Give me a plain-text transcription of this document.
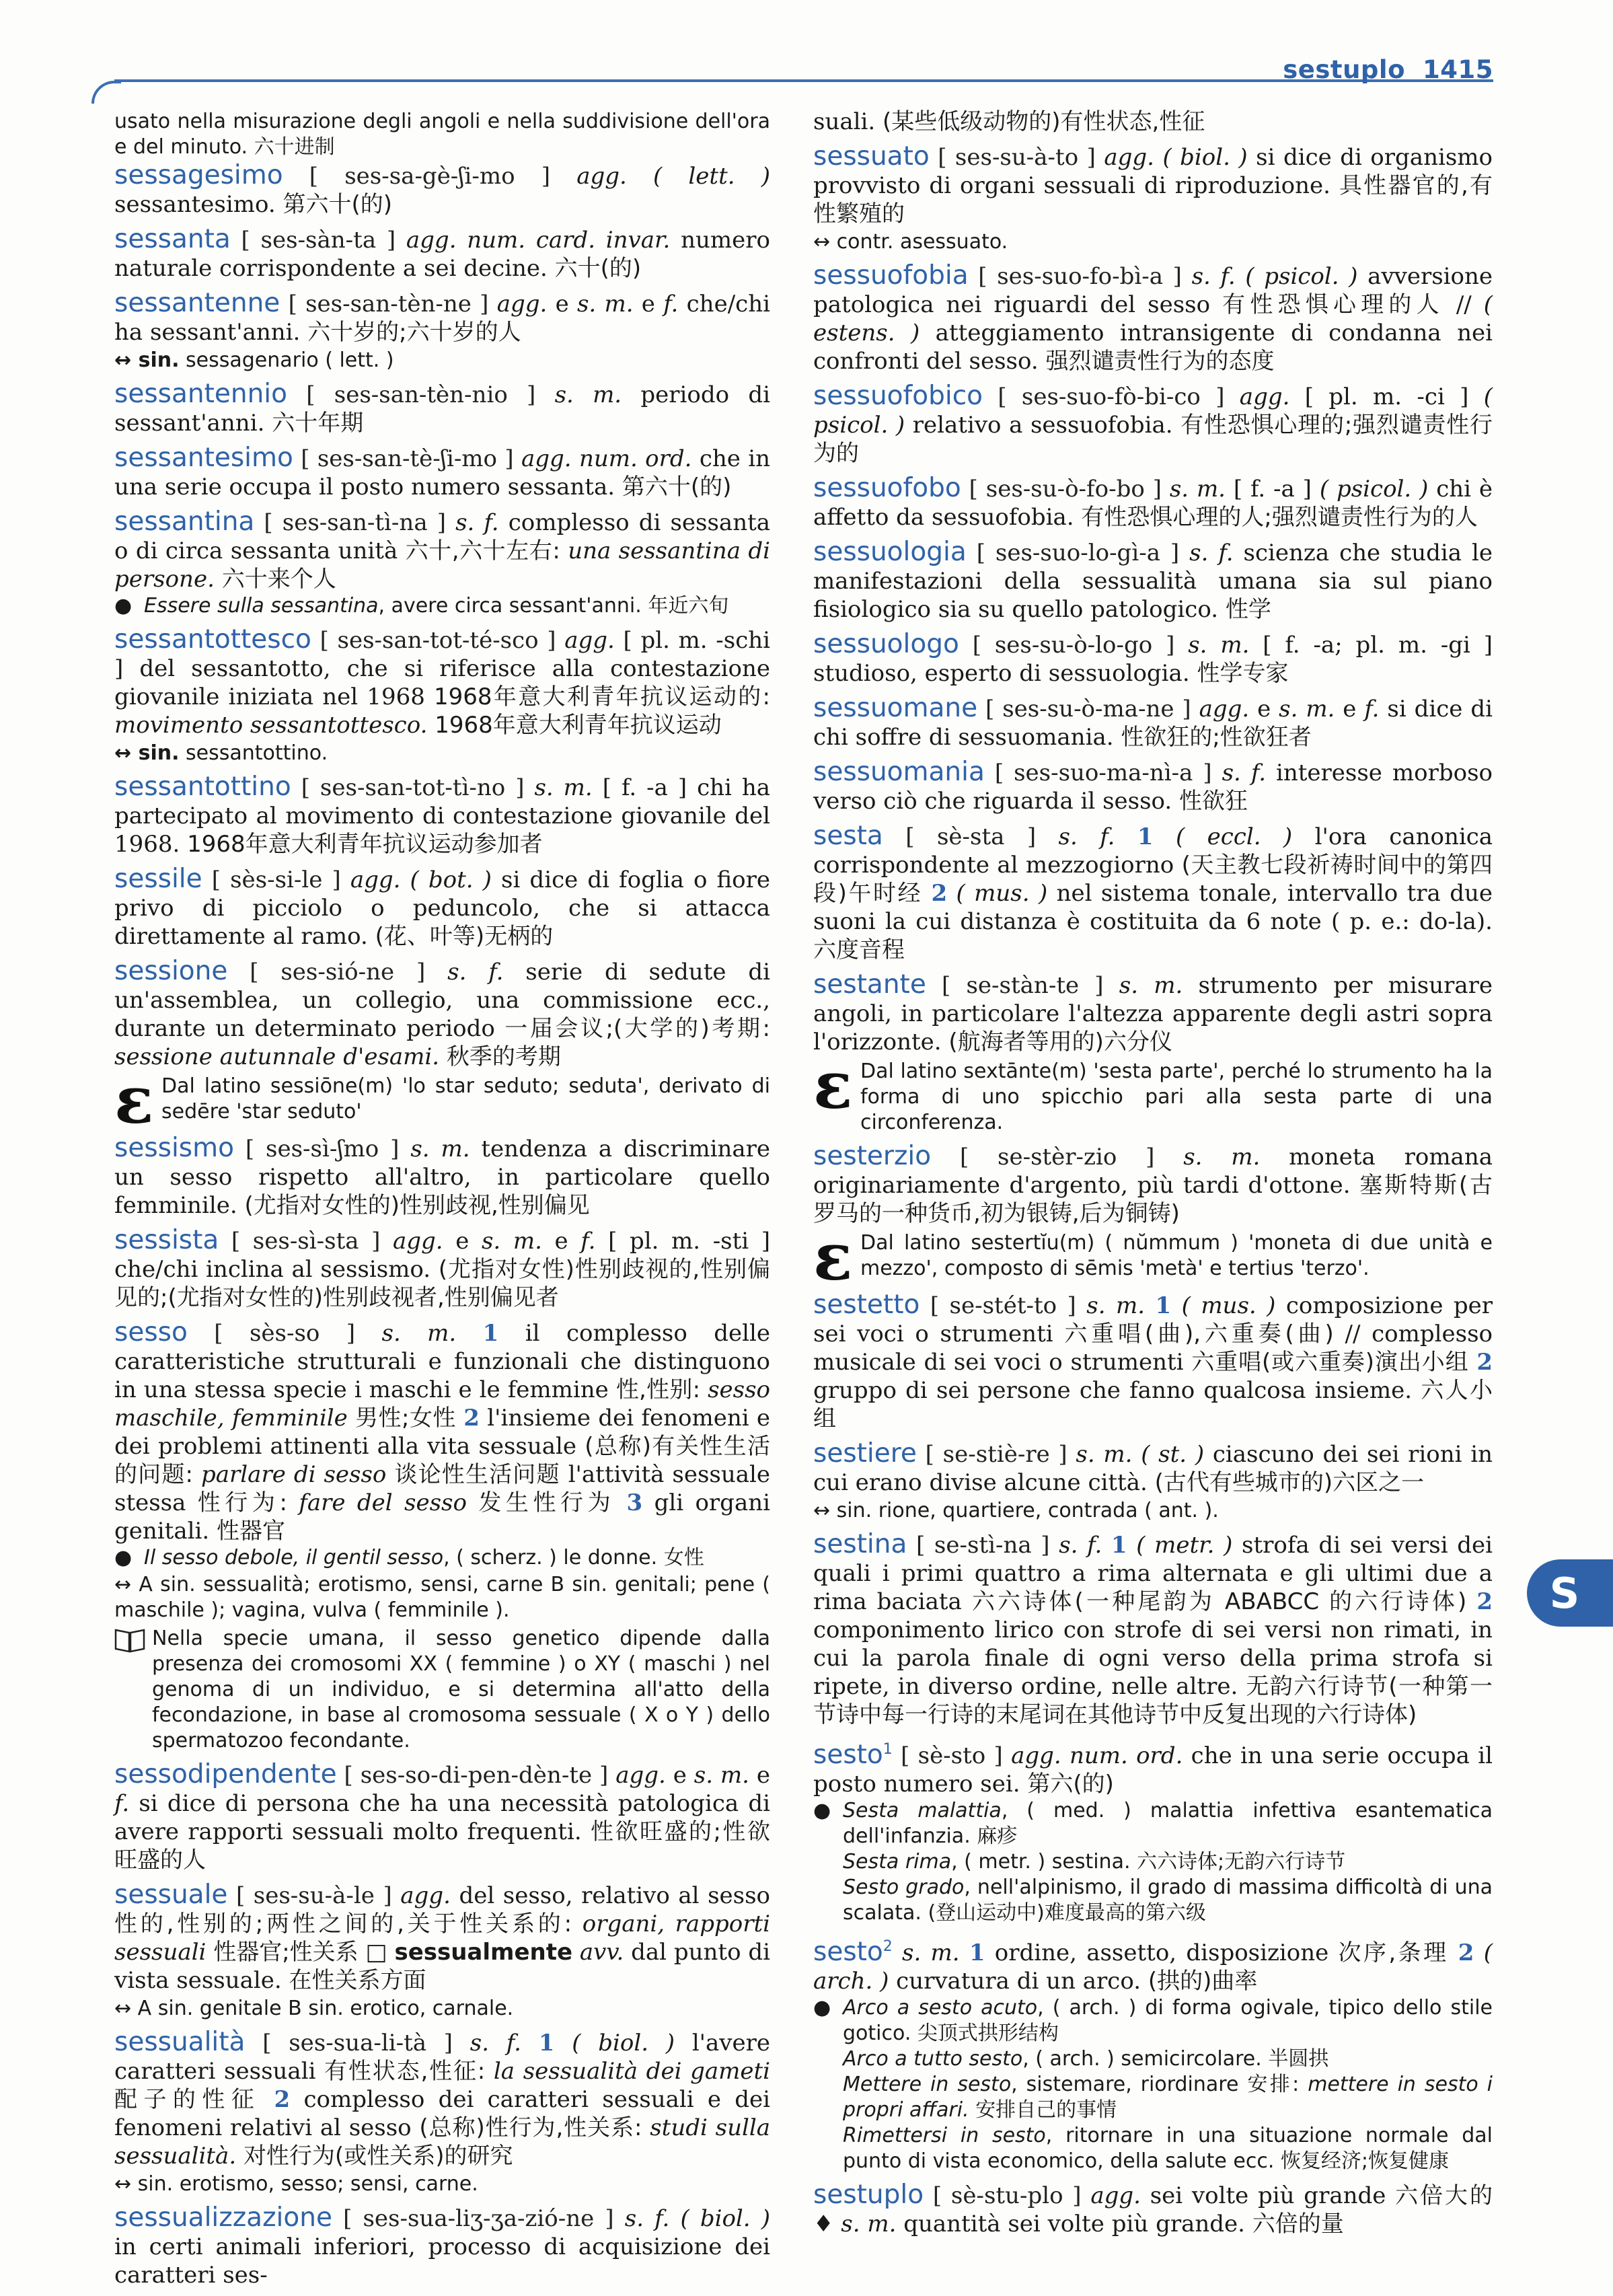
sestuplo 1415
S
usato nella misurazione degli angoli e nella suddivisione dell'ora e del minuto. 六十进制
sessagesimo [ ses-sa-gè-ʃi-mo ] agg. ( lett. ) sessantesimo. 第六十(的)
sessanta [ ses-sàn-ta ] agg. num. card. invar. numero naturale corrispondente a sei decine. 六十(的)
sessantenne [ ses-san-tèn-ne ] agg. e s. m. e f. che/chi ha sessant'anni. 六十岁的;六十岁的人
↔ sin. sessagenario ( lett. )
sessantennio [ ses-san-tèn-nio ] s. m. periodo di sessant'anni. 六十年期
sessantesimo [ ses-san-tè-ʃi-mo ] agg. num. ord. che in una serie occupa il posto numero sessanta. 第六十(的)
sessantina [ ses-san-tì-na ] s. f. complesso di sessanta o di circa sessanta unità 六十,六十左右: una sessantina di persone. 六十来个人
● Essere sulla sessantina, avere circa sessant'anni. 年近六旬
sessantottesco [ ses-san-tot-té-sco ] agg. [ pl. m. -schi ] del sessantotto, che si riferisce alla contestazione giovanile iniziata nel 1968 1968年意大利青年抗议运动的: movimento sessantottesco. 1968年意大利青年抗议运动
↔ sin. sessantottino.
sessantottino [ ses-san-tot-tì-no ] s. m. [ f. -a ] chi ha partecipato al movimento di contestazione giovanile del 1968. 1968年意大利青年抗议运动参加者
sessile [ sès-si-le ] agg. ( bot. ) si dice di foglia o fiore privo di picciolo o peduncolo, che si attacca direttamente al ramo. (花、叶等)无柄的
sessione [ ses-sió-ne ] s. f. serie di sedute di un'assemblea, un collegio, una commissione ecc., durante un determinato periodo 一届会议;(大学的)考期: sessione autunnale d'esami. 秋季的考期
ɛ Dal latino sessiōne(m) 'lo star seduto; seduta', derivato di sedēre 'star seduto'
sessismo [ ses-sì-ʃmo ] s. m. tendenza a discriminare un sesso rispetto all'altro, in particolare quello femminile. (尤指对女性的)性别歧视,性别偏见
sessista [ ses-sì-sta ] agg. e s. m. e f. [ pl. m. -sti ] che/chi inclina al sessismo. (尤指对女性)性别歧视的,性别偏见的;(尤指对女性的)性别歧视者,性别偏见者
sesso [ sès-so ] s. m. 1 il complesso delle caratteristiche strutturali e funzionali che distinguono in una stessa specie i maschi e le femmine 性,性别: sesso maschile, femminile 男性;女性 2 l'insieme dei fenomeni e dei problemi attinenti alla vita sessuale (总称)有关性生活的问题: parlare di sesso 谈论性生活问题 l'attività sessuale stessa 性行为: fare del sesso 发生性行为 3 gli organi genitali. 性器官
● Il sesso debole, il gentil sesso, ( scherz. ) le donne. 女性
↔ A sin. sessualità; erotismo, sensi, carne B sin. genitali; pene ( maschile ); vagina, vulva ( femminile ).
Nella specie umana, il sesso genetico dipende dalla presenza dei cromosomi XX ( femmine ) o XY ( maschi ) nel genoma di un individuo, e si determina all'atto della fecondazione, in base al cromosoma sessuale ( X o Y ) dello spermatozoo fecondante.
sessodipendente [ ses-so-di-pen-dèn-te ] agg. e s. m. e f. si dice di persona che ha una necessità patologica di avere rapporti sessuali molto frequenti. 性欲旺盛的;性欲旺盛的人
sessuale [ ses-su-à-le ] agg. del sesso, relativo al sesso 性的,性别的;两性之间的,关于性关系的: organi, rapporti sessuali 性器官;性关系 □ sessualmente avv. dal punto di vista sessuale. 在性关系方面
↔ A sin. genitale B sin. erotico, carnale.
sessualità [ ses-sua-li-tà ] s. f. 1 ( biol. ) l'avere caratteri sessuali 有性状态,性征: la sessualità dei gameti 配子的性征 2 complesso dei caratteri sessuali e dei fenomeni relativi al sesso (总称)性行为,性关系: studi sulla sessualità. 对性行为(或性关系)的研究
↔ sin. erotismo, sesso; sensi, carne.
sessualizzazione [ ses-sua-liʒ-ʒa-zió-ne ] s. f. ( biol. ) in certi animali inferiori, processo di acquisizione dei caratteri ses-
suali. (某些低级动物的)有性状态,性征
sessuato [ ses-su-à-to ] agg. ( biol. ) si dice di organismo provvisto di organi sessuali di riproduzione. 具性器官的,有性繁殖的
↔ contr. asessuato.
sessuofobia [ ses-suo-fo-bì-a ] s. f. ( psicol. ) avversione patologica nei riguardi del sesso 有性恐惧心理的人 // ( estens. ) atteggiamento intransigente di condanna nei confronti del sesso. 强烈谴责性行为的态度
sessuofobico [ ses-suo-fò-bi-co ] agg. [ pl. m. -ci ] ( psicol. ) relativo a sessuofobia. 有性恐惧心理的;强烈谴责性行为的
sessuofobo [ ses-su-ò-fo-bo ] s. m. [ f. -a ] ( psicol. ) chi è affetto da sessuofobia. 有性恐惧心理的人;强烈谴责性行为的人
sessuologia [ ses-suo-lo-gì-a ] s. f. scienza che studia le manifestazioni della sessualità umana sia sul piano fisiologico sia su quello patologico. 性学
sessuologo [ ses-su-ò-lo-go ] s. m. [ f. -a; pl. m. -gi ] studioso, esperto di sessuologia. 性学专家
sessuomane [ ses-su-ò-ma-ne ] agg. e s. m. e f. si dice di chi soffre di sessuomania. 性欲狂的;性欲狂者
sessuomania [ ses-suo-ma-nì-a ] s. f. interesse morboso verso ciò che riguarda il sesso. 性欲狂
sesta [ sè-sta ] s. f. 1 ( eccl. ) l'ora canonica corrispondente al mezzogiorno (天主教七段祈祷时间中的第四段)午时经 2 ( mus. ) nel sistema tonale, intervallo tra due suoni la cui distanza è costituita da 6 note ( p. e.: do-la). 六度音程
sestante [ se-stàn-te ] s. m. strumento per misurare angoli, in particolare l'altezza apparente degli astri sopra l'orizzonte. (航海者等用的)六分仪
ɛ Dal latino sextānte(m) 'sesta parte', perché lo strumento ha la forma di uno spicchio pari alla sesta parte di una circonferenza.
sesterzio [ se-stèr-zio ] s. m. moneta romana originariamente d'argento, più tardi d'ottone. 塞斯特斯(古罗马的一种货币,初为银铸,后为铜铸)
ɛ Dal latino sestertĭu(m) ( nŭmmum ) 'moneta di due unità e mezzo', composto di sēmis 'metà' e tertius 'terzo'.
sestetto [ se-stét-to ] s. m. 1 ( mus. ) composizione per sei voci o strumenti 六重唱(曲),六重奏(曲) // complesso musicale di sei voci o strumenti 六重唱(或六重奏)演出小组 2 gruppo di sei persone che fanno qualcosa insieme. 六人小组
sestiere [ se-stiè-re ] s. m. ( st. ) ciascuno dei sei rioni in cui erano divise alcune città. (古代有些城市的)六区之一
↔ sin. rione, quartiere, contrada ( ant. ).
sestina [ se-stì-na ] s. f. 1 ( metr. ) strofa di sei versi dei quali i primi quattro a rima alternata e gli ultimi due a rima baciata 六六诗体(一种尾韵为 ABABCC 的六行诗体) 2 componimento lirico con strofe di sei versi non rimati, in cui la parola finale di ogni verso della prima strofa si ripete, in diverso ordine, nelle altre. 无韵六行诗节(一种第一节诗中每一行诗的末尾词在其他诗节中反复出现的六行诗体)
sesto$^1$ [ sè-sto ] agg. num. ord. che in una serie occupa il posto numero sei. 第六(的)
● Sesta malattia, ( med. ) malattia infettiva esantematica dell'infanzia. 麻疹
Sesta rima, ( metr. ) sestina. 六六诗体;无韵六行诗节
Sesto grado, nell'alpinismo, il grado di massima difficoltà di una scalata. (登山运动中)难度最高的第六级
sesto$^2$ s. m. 1 ordine, assetto, disposizione 次序,条理 2 ( arch. ) curvatura di un arco. (拱的)曲率
● Arco a sesto acuto, ( arch. ) di forma ogivale, tipico dello stile gotico. 尖顶式拱形结构
Arco a tutto sesto, ( arch. ) semicircolare. 半圆拱
Mettere in sesto, sistemare, riordinare 安排: mettere in sesto i propri affari. 安排自己的事情
Rimettersi in sesto, ritornare in una situazione normale dal punto di vista economico, della salute ecc. 恢复经济;恢复健康
sestuplo [ sè-stu-plo ] agg. sei volte più grande 六倍大的 ♦ s. m. quantità sei volte più grande. 六倍的量
